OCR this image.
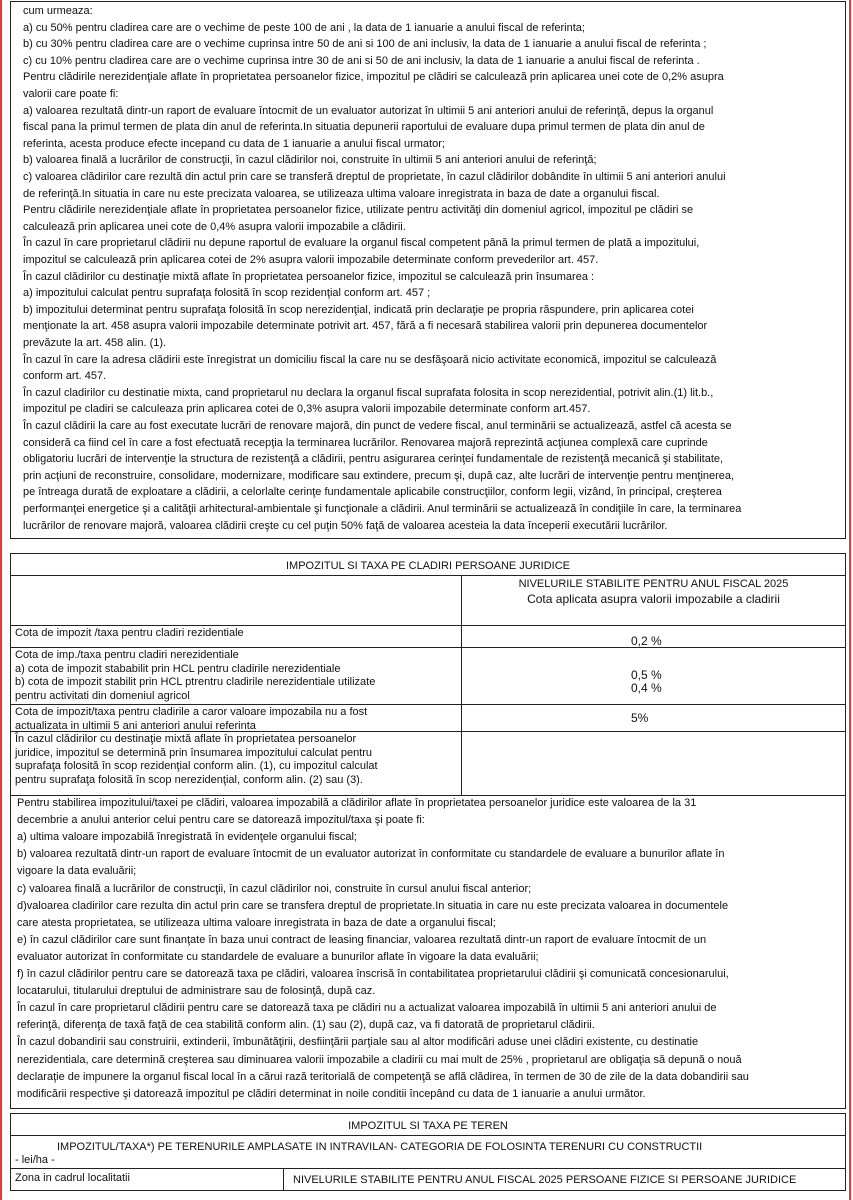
cum urmeaza:
a) cu 50% pentru cladirea care are o vechime de peste 100 de ani , la data de 1 ianuarie a anului fiscal de referinta;
b) cu 30% pentru cladirea care are o vechime cuprinsa intre 50 de ani si 100 de ani inclusiv, la data de 1 ianuarie a anului fiscal de referinta ;
c) cu 10% pentru cladirea care are o vechime cuprinsa intre 30 de ani si 50 de ani inclusiv, la data de 1 ianuarie a anului fiscal de referinta .
Pentru clădirile nerezidenţiale aflate în proprietatea persoanelor fizice, impozitul pe clădiri se calculează prin aplicarea unei cote de 0,2% asupra
valorii care poate fi:
a) valoarea rezultată dintr-un raport de evaluare întocmit de un evaluator autorizat în ultimii 5 ani anteriori anului de referinţă, depus la organul
fiscal pana la primul termen de plata din anul de referinta.In situatia depunerii raportului de evaluare dupa primul termen de plata din anul de
referinta, acesta produce efecte incepand cu data de 1 ianuarie a anului fiscal urmator;
b) valoarea finală a lucrărilor de construcţii, în cazul clădirilor noi, construite în ultimii 5 ani anteriori anului de referinţă;
c) valoarea clădirilor care rezultă din actul prin care se transferă dreptul de proprietate, în cazul clădirilor dobândite în ultimii 5 ani anteriori anului
de referinţă.In situatia in care nu este precizata valoarea, se utilizeaza ultima valoare inregistrata in baza de date a organului fiscal.
Pentru clădirile nerezidenţiale aflate în proprietatea persoanelor fizice, utilizate pentru activităţi din domeniul agricol, impozitul pe clădiri se
calculează prin aplicarea unei cote de 0,4% asupra valorii impozabile a clădirii.
În cazul în care proprietarul clădirii nu depune raportul de evaluare la organul fiscal competent până la primul termen de plată a impozitului,
impozitul se calculează prin aplicarea cotei de 2% asupra valorii impozabile determinate conform prevederilor art. 457.
În cazul clădirilor cu destinaţie mixtă aflate în proprietatea persoanelor fizice, impozitul se calculează prin însumarea :
a) impozitului calculat pentru suprafaţa folosită în scop rezidenţial conform art. 457 ;
b) impozitului determinat pentru suprafaţa folosită în scop nerezidenţial, indicată prin declaraţie pe propria răspundere, prin aplicarea cotei
menţionate la art. 458 asupra valorii impozabile determinate potrivit art. 457, fără a fi necesară stabilirea valorii prin depunerea documentelor
prevăzute la art. 458 alin. (1).
În cazul în care la adresa clădirii este înregistrat un domiciliu fiscal la care nu se desfăşoară nicio activitate economică, impozitul se calculează
conform art. 457.
În cazul cladirilor cu destinatie mixta, cand proprietarul nu declara la organul fiscal suprafata folosita in scop nerezidential, potrivit alin.(1) lit.b.,
impozitul pe cladiri se calculeaza prin aplicarea cotei de 0,3% asupra valorii impozabile determinate conform art.457.
În cazul clădirii la care au fost executate lucrări de renovare majoră, din punct de vedere fiscal, anul terminării se actualizează, astfel că acesta se
consideră ca fiind cel în care a fost efectuată recepţia la terminarea lucrărilor. Renovarea majoră reprezintă acţiunea complexă care cuprinde
obligatoriu lucrări de intervenţie la structura de rezistenţă a clădirii, pentru asigurarea cerinţei fundamentale de rezistenţă mecanică şi stabilitate,
prin acţiuni de reconstruire, consolidare, modernizare, modificare sau extindere, precum şi, după caz, alte lucrări de intervenţie pentru menţinerea,
pe întreaga durată de exploatare a clădirii, a celorlalte cerinţe fundamentale aplicabile construcţiilor, conform legii, vizând, în principal, creşterea
performanţei energetice şi a calităţii arhitectural-ambientale şi funcţionale a clădirii. Anul terminării se actualizează în condiţiile în care, la terminarea
lucrărilor de renovare majoră, valoarea clădirii creşte cu cel puţin 50% faţă de valoarea acesteia la data începerii executării lucrărilor.
IMPOZITUL SI TAXA PE CLADIRI PERSOANE JURIDICE
NIVELURILE STABILITE PENTRU ANUL FISCAL 2025
Cota aplicata asupra valorii impozabile a cladirii
Pentru stabilirea impozitului/taxei pe clădiri, valoarea impozabilă a clădirilor aflate în proprietatea persoanelor juridice este valoarea de la 31
decembrie a anului anterior celui pentru care se datorează impozitul/taxa şi poate fi:
a) ultima valoare impozabilă înregistrată în evidenţele organului fiscal;
b) valoarea rezultată dintr-un raport de evaluare întocmit de un evaluator autorizat în conformitate cu standardele de evaluare a bunurilor aflate în
vigoare la data evaluării;
c) valoarea finală a lucrărilor de construcţii, în cazul clădirilor noi, construite în cursul anului fiscal anterior;
d)valoarea cladirilor care rezulta din actul prin care se transfera dreptul de proprietate.In situatia in care nu este precizata valoarea in documentele
care atesta proprietatea, se utilizeaza ultima valoare inregistrata in baza de date a organului fiscal;
e) în cazul clădirilor care sunt finanţate în baza unui contract de leasing financiar, valoarea rezultată dintr-un raport de evaluare întocmit de un
evaluator autorizat în conformitate cu standardele de evaluare a bunurilor aflate în vigoare la data evaluării;
f) în cazul clădirilor pentru care se datorează taxa pe clădiri, valoarea înscrisă în contabilitatea proprietarului clădirii şi comunicată concesionarului,
locatarului, titularului dreptului de administrare sau de folosinţă, după caz.
În cazul în care proprietarul clădirii pentru care se datorează taxa pe clădiri nu a actualizat valoarea impozabilă în ultimii 5 ani anteriori anului de
referinţă, diferenţa de taxă faţă de cea stabilită conform alin. (1) sau (2), după caz, va fi datorată de proprietarul clădirii.
În cazul dobandirii sau construirii, extinderii, îmbunătăţirii, desfiinţării parţiale sau al altor modificări aduse unei clădiri existente, cu destinatie
nerezidentiala, care determină creşterea sau diminuarea valorii impozabile a cladirii cu mai mult de 25% , proprietarul are obligaţia să depună o nouă
declaraţie de impunere la organul fiscal local în a cărui rază teritorială de competenţă se află clădirea, în termen de 30 de zile de la data dobandirii sau
modificării respective şi datorează impozitul pe clădiri determinat in noile conditii începând cu data de 1 ianuarie a anului următor.
Cota de impozit /taxa pentru cladiri rezidentiale
0,2 %
Cota de imp./taxa pentru cladiri nerezidentiale
a) cota de impozit stababilit prin HCL pentru cladirile nerezidentiale
b) cota de impozit stabilit prin HCL ptrentru cladirile nerezidentiale utilizate
pentru activitati din domeniul agricol
0,5 %
0,4 %
Cota de impozit/taxa pentru cladirile a caror valoare impozabila nu a fost
actualizata in ultimii 5 ani anteriori anului referinta
5%
În cazul clădirilor cu destinaţie mixtă aflate în proprietatea persoanelor
juridice, impozitul se determină prin însumarea impozitului calculat pentru
suprafaţa folosită în scop rezidenţial conform alin. (1), cu impozitul calculat
pentru suprafaţa folosită în scop nerezidenţial, conform alin. (2) sau (3).
IMPOZITUL SI TAXA PE TEREN
IMPOZITUL/TAXA*) PE TERENURILE AMPLASATE IN INTRAVILAN- CATEGORIA DE FOLOSINTA TERENURI CU CONSTRUCTII
- lei/ha -
Zona in cadrul localitatii	NIVELURILE STABILITE PENTRU ANUL FISCAL 2025 PERSOANE FIZICE SI PERSOANE JURIDICE
